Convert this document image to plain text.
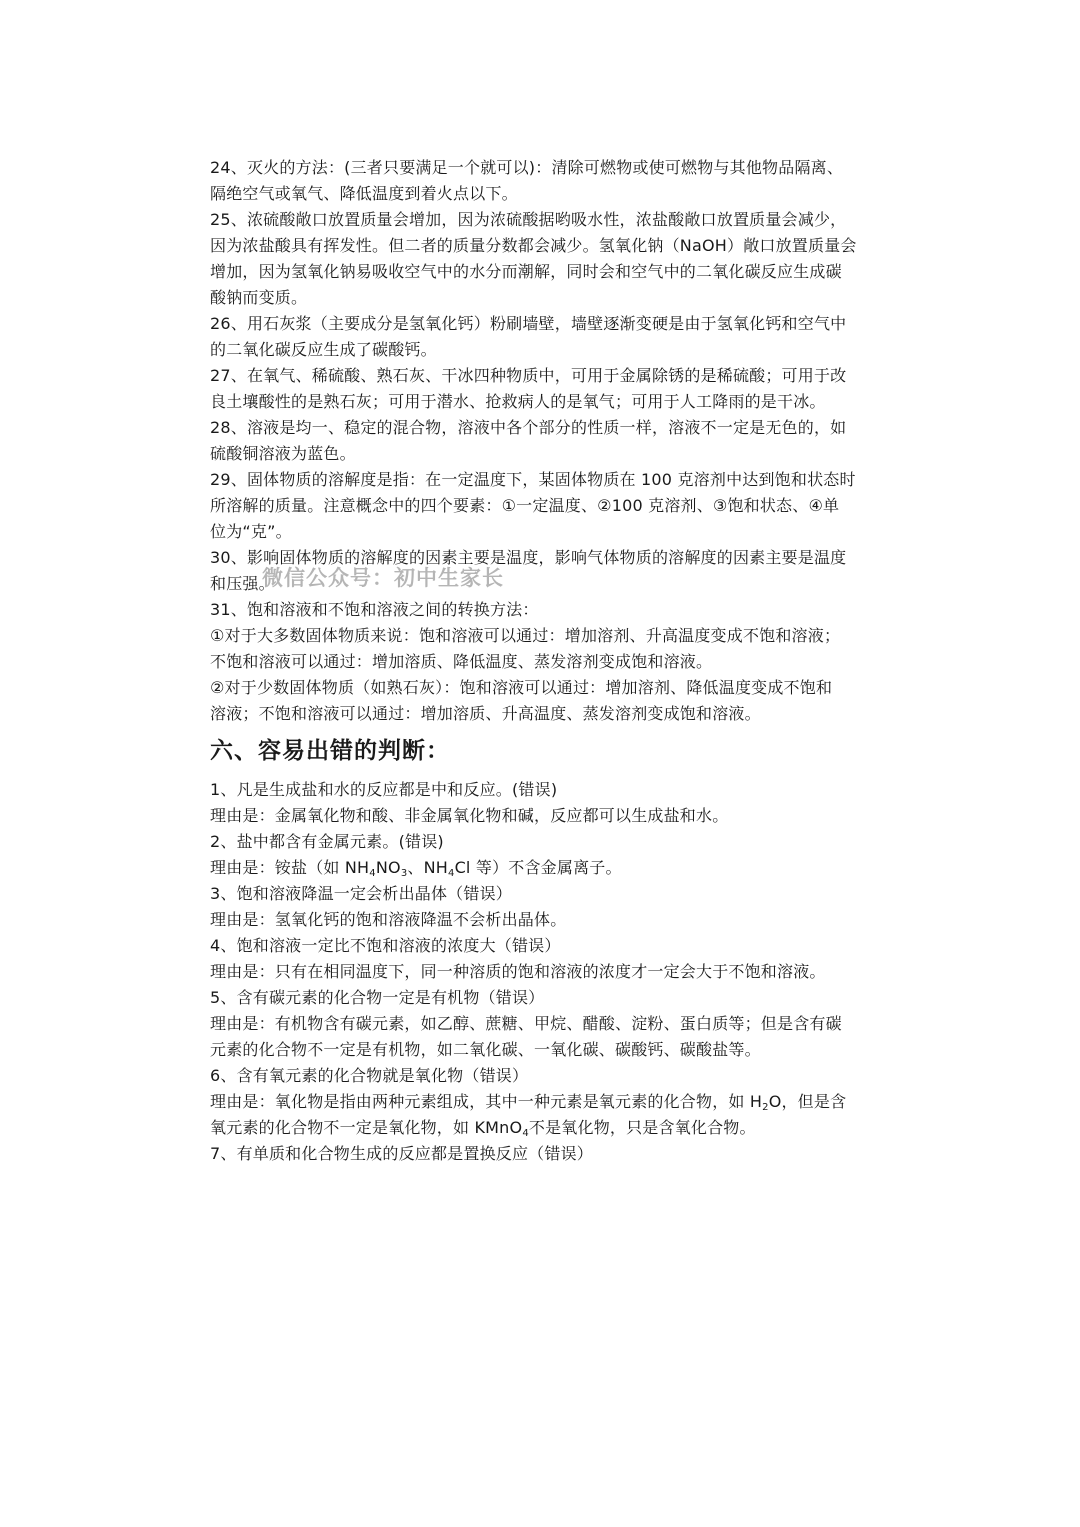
24、灭火的方法：(三者只要满足一个就可以)：清除可燃物或使可燃物与其他物品隔离、
隔绝空气或氧气、降低温度到着火点以下。
25、浓硫酸敞口放置质量会增加，因为浓硫酸据哟吸水性，浓盐酸敞口放置质量会减少，
因为浓盐酸具有挥发性。但二者的质量分数都会减少。氢氧化钠（NaOH）敞口放置质量会
增加，因为氢氧化钠易吸收空气中的水分而潮解，同时会和空气中的二氧化碳反应生成碳
酸钠而变质。
26、用石灰浆（主要成分是氢氧化钙）粉刷墙壁，墙壁逐渐变硬是由于氢氧化钙和空气中
的二氧化碳反应生成了碳酸钙。
27、在氧气、稀硫酸、熟石灰、干冰四种物质中，可用于金属除锈的是稀硫酸；可用于改
良土壤酸性的是熟石灰；可用于潜水、抢救病人的是氧气；可用于人工降雨的是干冰。
28、溶液是均一、稳定的混合物，溶液中各个部分的性质一样，溶液不一定是无色的，如
硫酸铜溶液为蓝色。
29、固体物质的溶解度是指：在一定温度下，某固体物质在 100 克溶剂中达到饱和状态时
所溶解的质量。注意概念中的四个要素：①一定温度、②100 克溶剂、③饱和状态、④单
位为“克”。
30、影响固体物质的溶解度的因素主要是温度，影响气体物质的溶解度的因素主要是温度
和压强。
31、饱和溶液和不饱和溶液之间的转换方法：
①对于大多数固体物质来说：饱和溶液可以通过：增加溶剂、升高温度变成不饱和溶液；
不饱和溶液可以通过：增加溶质、降低温度、蒸发溶剂变成饱和溶液。
②对于少数固体物质（如熟石灰）：饱和溶液可以通过：增加溶剂、降低温度变成不饱和
溶液；不饱和溶液可以通过：增加溶质、升高温度、蒸发溶剂变成饱和溶液。
六、容易出错的判断：
1、凡是生成盐和水的反应都是中和反应。(错误)
理由是：金属氧化物和酸、非金属氧化物和碱，反应都可以生成盐和水。
2、盐中都含有金属元素。(错误)
理由是：铵盐（如 $NH_4NO_3$、$NH_4Cl$ 等）不含金属离子。
3、饱和溶液降温一定会析出晶体（错误）
理由是：氢氧化钙的饱和溶液降温不会析出晶体。
4、饱和溶液一定比不饱和溶液的浓度大（错误）
理由是：只有在相同温度下，同一种溶质的饱和溶液的浓度才一定会大于不饱和溶液。
5、含有碳元素的化合物一定是有机物（错误）
理由是：有机物含有碳元素，如乙醇、蔗糖、甲烷、醋酸、淀粉、蛋白质等；但是含有碳
元素的化合物不一定是有机物，如二氧化碳、一氧化碳、碳酸钙、碳酸盐等。
6、含有氧元素的化合物就是氧化物（错误）
理由是：氧化物是指由两种元素组成，其中一种元素是氧元素的化合物，如 $H_2O$，但是含
氧元素的化合物不一定是氧化物，如 KMnO$_4$不是氧化物，只是含氧化合物。
7、有单质和化合物生成的反应都是置换反应（错误）
微信公众号：初中生家长
